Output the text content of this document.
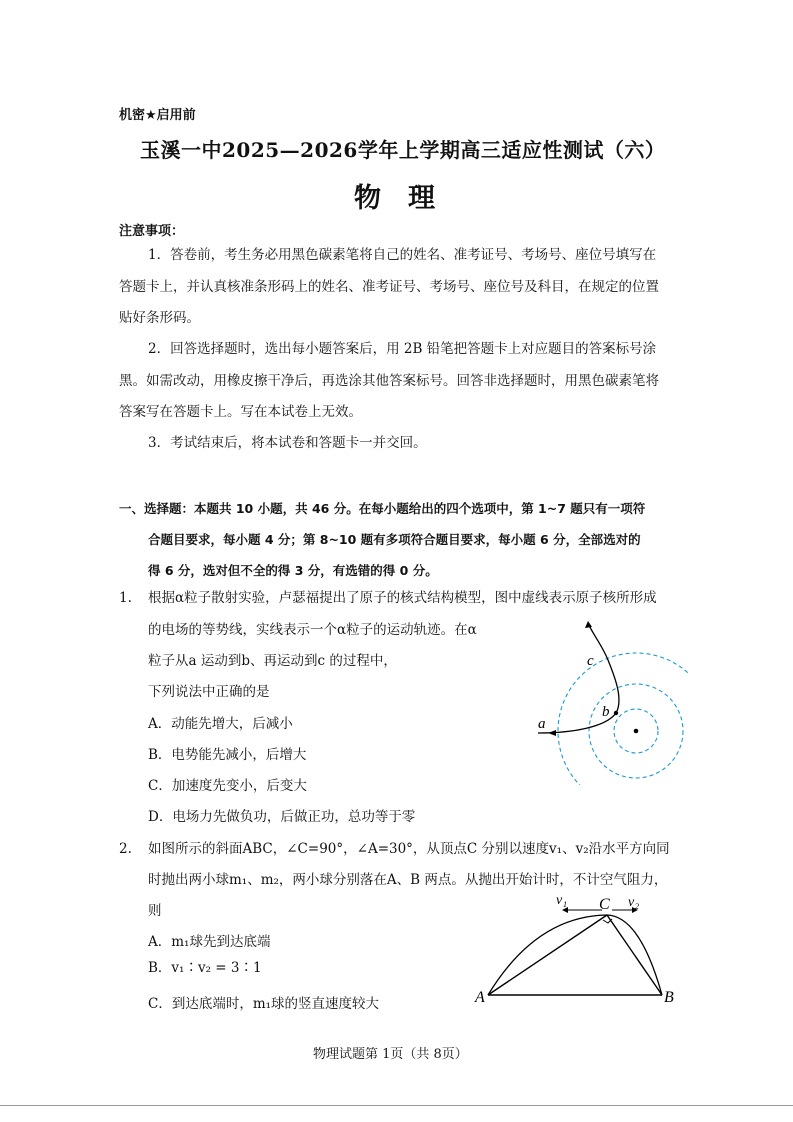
机密★启用前

玉溪一中2025—2026学年上学期高三适应性测试（六）

物　理

注意事项：

1．答卷前，考生务必用黑色碳素笔将自己的姓名、准考证号、考场号、座位号填写在

答题卡上，并认真核准条形码上的姓名、准考证号、考场号、座位号及科目，在规定的位置

贴好条形码。

2．回答选择题时，选出每小题答案后，用 2B 铅笔把答题卡上对应题目的答案标号涂

黑。如需改动，用橡皮擦干净后，再选涂其他答案标号。回答非选择题时，用黑色碳素笔将

答案写在答题卡上。写在本试卷上无效。

3．考试结束后，将本试卷和答题卡一并交回。

一、选择题：本题共 10 小题，共 46 分。在每小题给出的四个选项中，第 1~7 题只有一项符

合题目要求，每小题 4 分；第 8~10 题有多项符合题目要求，每小题 6 分，全部选对的

得 6 分，选对但不全的得 3 分，有选错的得 0 分。

1. 根据α粒子散射实验，卢瑟福提出了原子的核式结构模型，图中虚线表示原子核所形成

的电场的等势线，实线表示一个α粒子的运动轨迹。在α

粒子从a 运动到b、再运动到c 的过程中，

下列说法中正确的是

A．动能先增大，后减小

B．电势能先减小，后增大

C．加速度先变小，后变大

D．电场力先做负功，后做正功，总功等于零

a
b
c

2. 如图所示的斜面ABC，∠C=90°，∠A=30°，从顶点C 分别以速度v₁、v₂沿水平方向同

时抛出两小球m₁、m₂，两小球分别落在A、B 两点。从抛出开始计时，不计空气阻力，

则

A．m₁球先到达底端

B．v₁∶v₂ = 3∶1

C．到达底端时，m₁球的竖直速度较大

v₁ C v₂
A	B

物理试题第 1页（共 8页）
